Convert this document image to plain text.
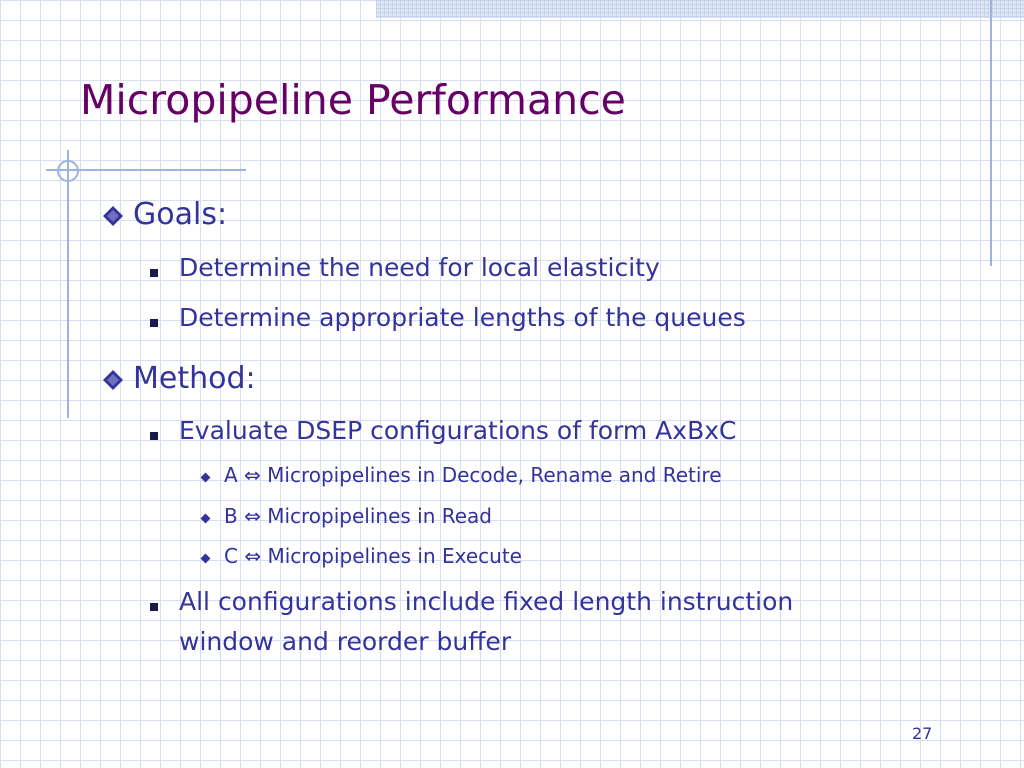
Micropipeline Performance
Goals:
Determine the need for local elasticity
Determine appropriate lengths of the queues
Method:
Evaluate DSEP configurations of form AxBxC
A ⇔ Micropipelines in Decode, Rename and Retire
B ⇔ Micropipelines in Read
C ⇔ Micropipelines in Execute
All configurations include fixed length instruction
window and reorder buffer
27
